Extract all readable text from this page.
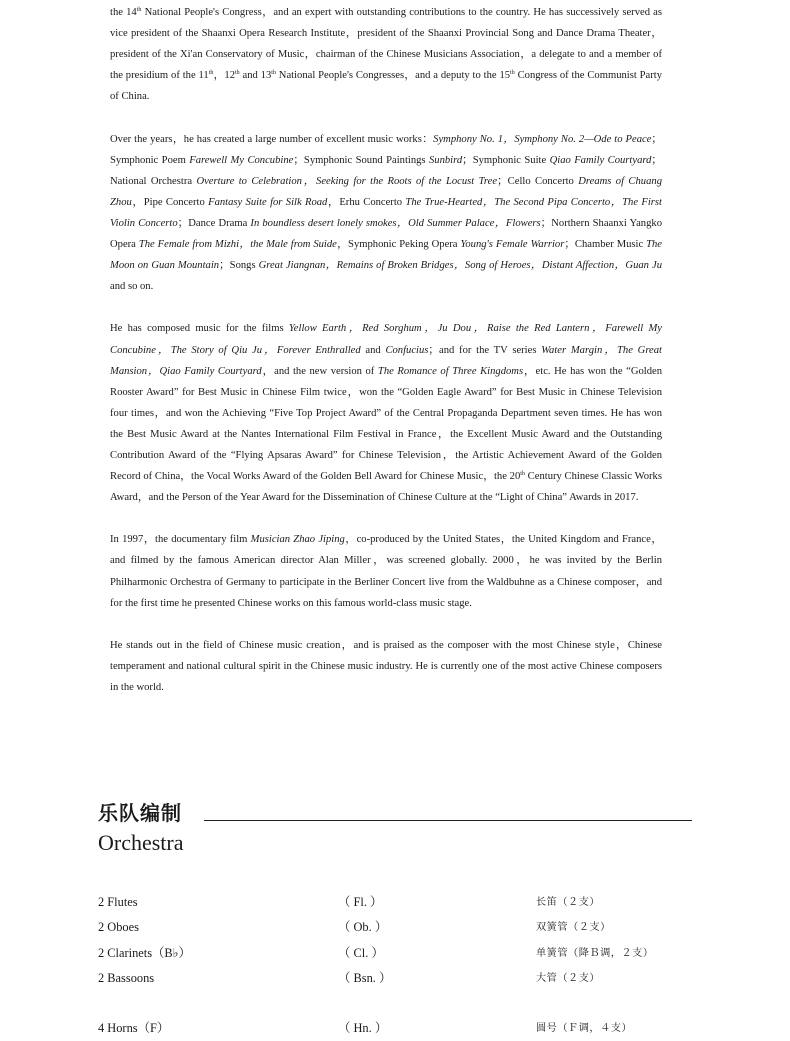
the 14th National People's Congress，and an expert with outstanding contributions to the country. He has successively served as vice president of the Shaanxi Opera Research Institute，president of the Shaanxi Provincial Song and Dance Drama Theater，president of the Xi'an Conservatory of Music，chairman of the Chinese Musicians Association，a delegate to and a member of the presidium of the 11th，12th and 13th National People's Congresses，and a deputy to the 15th Congress of the Communist Party of China.

Over the years，he has created a large number of excellent music works：Symphony No. 1，Symphony No. 2—Ode to Peace；Symphonic Poem Farewell My Concubine；Symphonic Sound Paintings Sunbird；Symphonic Suite Qiao Family Courtyard；National Orchestra Overture to Celebration，Seeking for the Roots of the Locust Tree；Cello Concerto Dreams of Chuang Zhou，Pipe Concerto Fantasy Suite for Silk Road，Erhu Concerto The True-Hearted，The Second Pipa Concerto，The First Violin Concerto；Dance Drama In boundless desert lonely smokes，Old Summer Palace，Flowers；Northern Shaanxi Yangko Opera The Female from Mizhi，the Male from Suide，Symphonic Peking Opera Young's Female Warrior；Chamber Music The Moon on Guan Mountain；Songs Great Jiangnan，Remains of Broken Bridges，Song of Heroes，Distant Affection，Guan Ju and so on.

He has composed music for the films Yellow Earth，Red Sorghum，Ju Dou，Raise the Red Lantern，Farewell My Concubine，The Story of Qiu Ju，Forever Enthralled and Confucius；and for the TV series Water Margin，The Great Mansion，Qiao Family Courtyard，and the new version of The Romance of Three Kingdoms，etc. He has won the “Golden Rooster Award” for Best Music in Chinese Film twice，won the “Golden Eagle Award” for Best Music in Chinese Television four times，and won the Achieving “Five Top Project Award” of the Central Propaganda Department seven times. He has won the Best Music Award at the Nantes International Film Festival in France，the Excellent Music Award and the Outstanding Contribution Award of the “Flying Apsaras Award” for Chinese Television，the Artistic Achievement Award of the Golden Record of China，the Vocal Works Award of the Golden Bell Award for Chinese Music，the 20th Century Chinese Classic Works Award，and the Person of the Year Award for the Dissemination of Chinese Culture at the “Light of China” Awards in 2017.

In 1997，the documentary film Musician Zhao Jiping，co-produced by the United States，the United Kingdom and France，and filmed by the famous American director Alan Miller，was screened globally. 2000，he was invited by the Berlin Philharmonic Orchestra of Germany to participate in the Berliner Concert live from the Waldbuhne as a Chinese composer，and for the first time he presented Chinese works on this famous world-class music stage.

He stands out in the field of Chinese music creation，and is praised as the composer with the most Chinese style，Chinese temperament and national cultural spirit in the Chinese music industry. He is currently one of the most active Chinese composers in the world.

乐队编制
Orchestra
2 Flutes	（ Fl. ）	长笛（２支）
2 Oboes	（ Ob. ）	双簧管（２支）
2 Clarinets（B♭）	（ Cl. ）	单簧管（降Ｂ调，２支）
2 Bassoons	（ Bsn. ）	大管（２支）
4 Horns（F）	（ Hn. ）	圆号（Ｆ调，４支）
